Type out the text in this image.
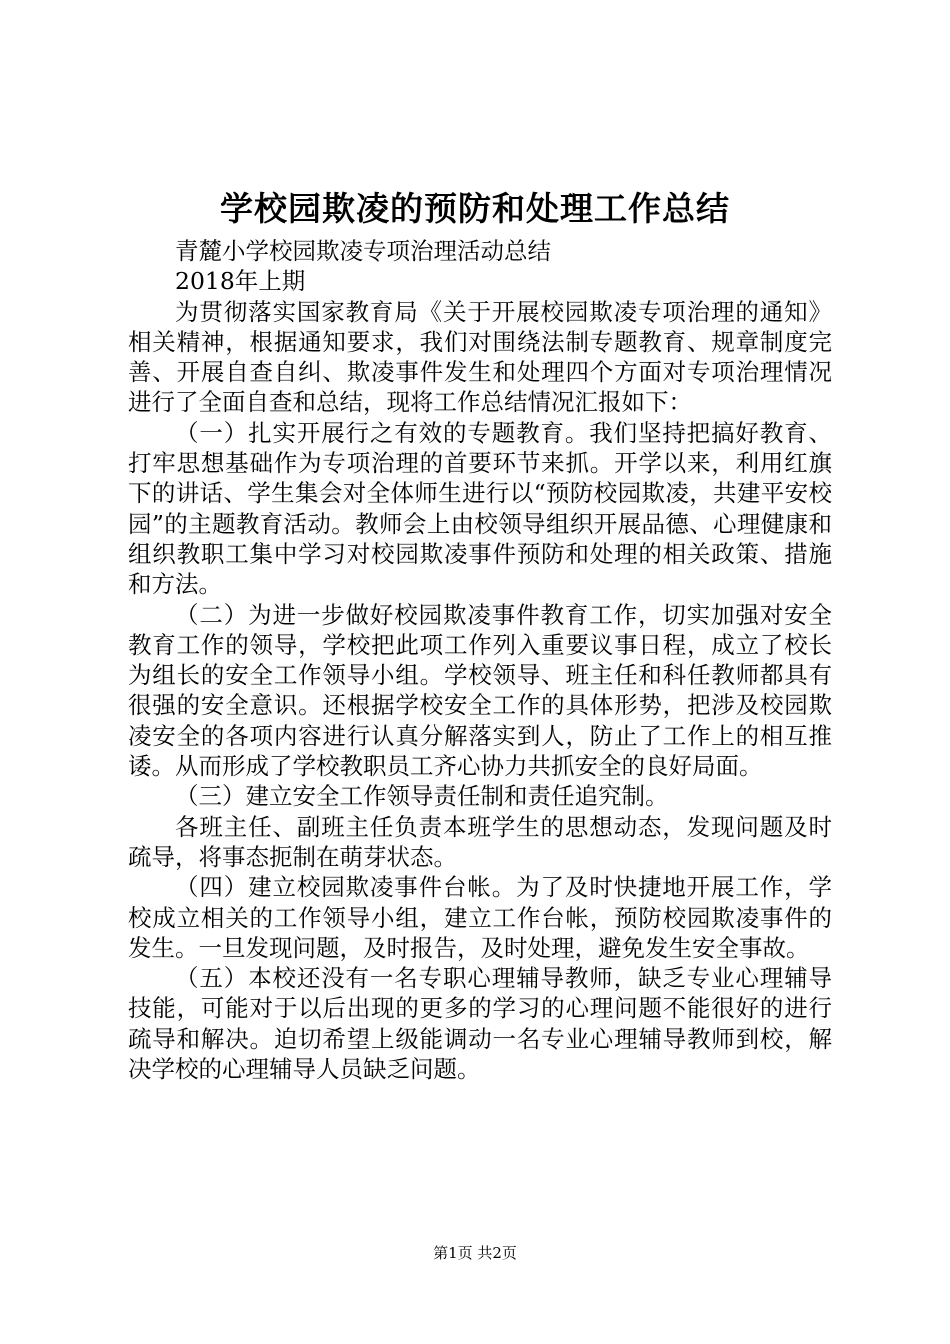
学校园欺凌的预防和处理工作总结

青麓小学校园欺凌专项治理活动总结

2018年上期

为贯彻落实国家教育局《关于开展校园欺凌专项治理的通知》相关精神，根据通知要求，我们对围绕法制专题教育、规章制度完善、开展自查自纠、欺凌事件发生和处理四个方面对专项治理情况进行了全面自查和总结，现将工作总结情况汇报如下：

（一）扎实开展行之有效的专题教育。我们坚持把搞好教育、打牢思想基础作为专项治理的首要环节来抓。开学以来，利用红旗下的讲话、学生集会对全体师生进行以“预防校园欺凌，共建平安校园”的主题教育活动。教师会上由校领导组织开展品德、心理健康和组织教职工集中学习对校园欺凌事件预防和处理的相关政策、措施和方法。

（二）为进一步做好校园欺凌事件教育工作，切实加强对安全教育工作的领导，学校把此项工作列入重要议事日程，成立了校长为组长的安全工作领导小组。学校领导、班主任和科任教师都具有很强的安全意识。还根据学校安全工作的具体形势，把涉及校园欺凌安全的各项内容进行认真分解落实到人，防止了工作上的相互推诿。从而形成了学校教职员工齐心协力共抓安全的良好局面。

（三）建立安全工作领导责任制和责任追究制。

各班主任、副班主任负责本班学生的思想动态，发现问题及时疏导，将事态扼制在萌芽状态。

（四）建立校园欺凌事件台帐。为了及时快捷地开展工作，学校成立相关的工作领导小组，建立工作台帐，预防校园欺凌事件的发生。一旦发现问题，及时报告，及时处理，避免发生安全事故。

（五）本校还没有一名专职心理辅导教师，缺乏专业心理辅导技能，可能对于以后出现的更多的学习的心理问题不能很好的进行疏导和解决。迫切希望上级能调动一名专业心理辅导教师到校，解决学校的心理辅导人员缺乏问题。

第1页 共2页
